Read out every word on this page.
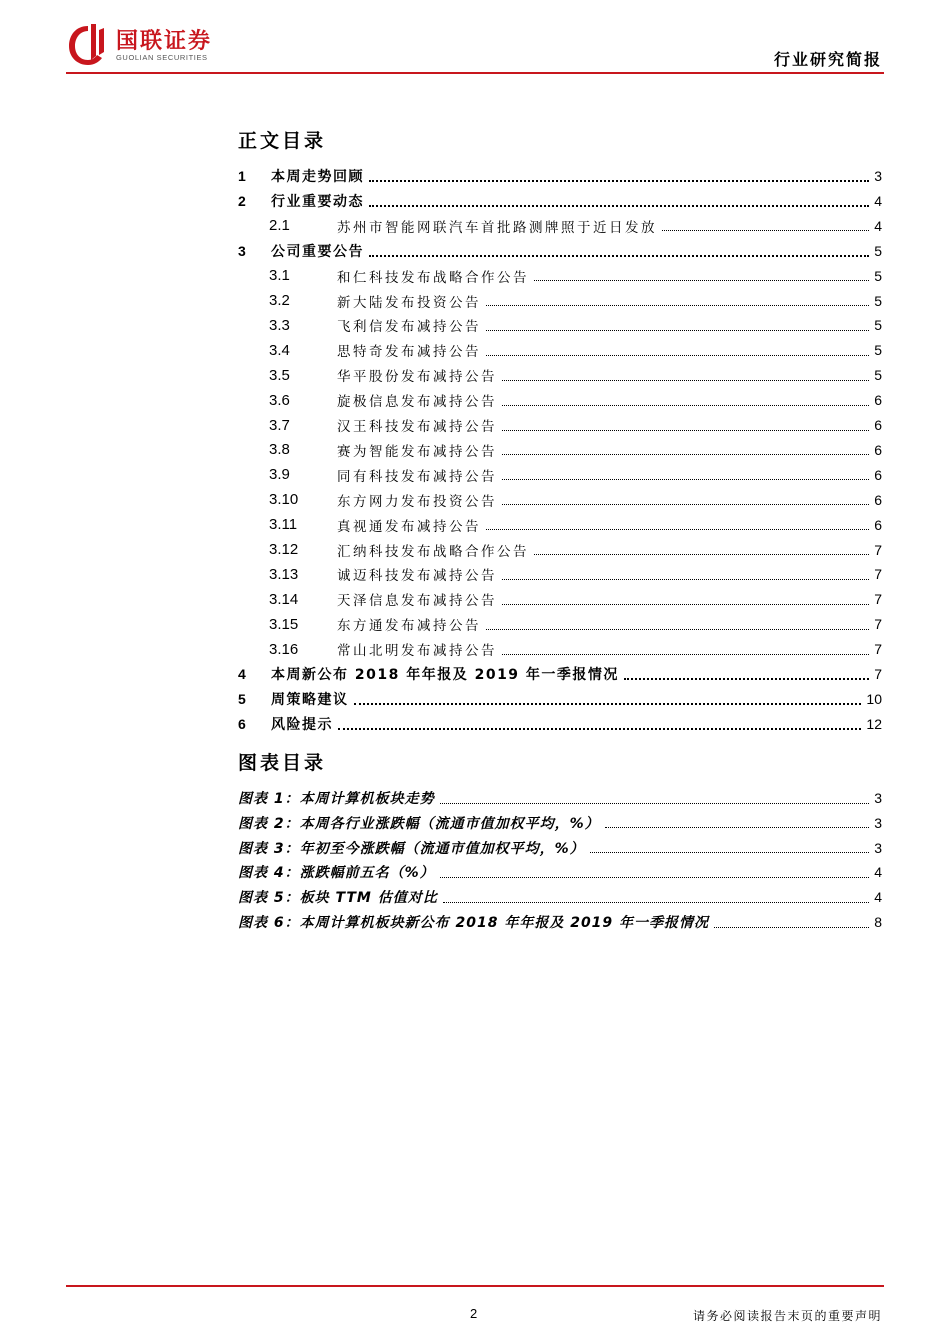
国联证券
GUOLIAN SECURITIES	行业研究简报
正文目录
1	本周走势回顾	3
2	行业重要动态	4
2.1	苏州市智能网联汽车首批路测牌照于近日发放	4
3	公司重要公告	5
3.1	和仁科技发布战略合作公告	5
3.2	新大陆发布投资公告	5
3.3	飞利信发布减持公告	5
3.4	思特奇发布减持公告	5
3.5	华平股份发布减持公告	5
3.6	旋极信息发布减持公告	6
3.7	汉王科技发布减持公告	6
3.8	赛为智能发布减持公告	6
3.9	同有科技发布减持公告	6
3.10	东方网力发布投资公告	6
3.11	真视通发布减持公告	6
3.12	汇纳科技发布战略合作公告	7
3.13	诚迈科技发布减持公告	7
3.14	天泽信息发布减持公告	7
3.15	东方通发布减持公告	7
3.16	常山北明发布减持公告	7
4	本周新公布 2018 年年报及 2019 年一季报情况	7
5	周策略建议	10
6	风险提示	12
图表目录
图表 1：本周计算机板块走势	3
图表 2：本周各行业涨跌幅（流通市值加权平均，%）	3
图表 3：年初至今涨跌幅（流通市值加权平均，%）	3
图表 4：涨跌幅前五名（%）	4
图表 5：板块 TTM 估值对比	4
图表 6：本周计算机板块新公布 2018 年年报及 2019 年一季报情况	8
2	请务必阅读报告末页的重要声明
